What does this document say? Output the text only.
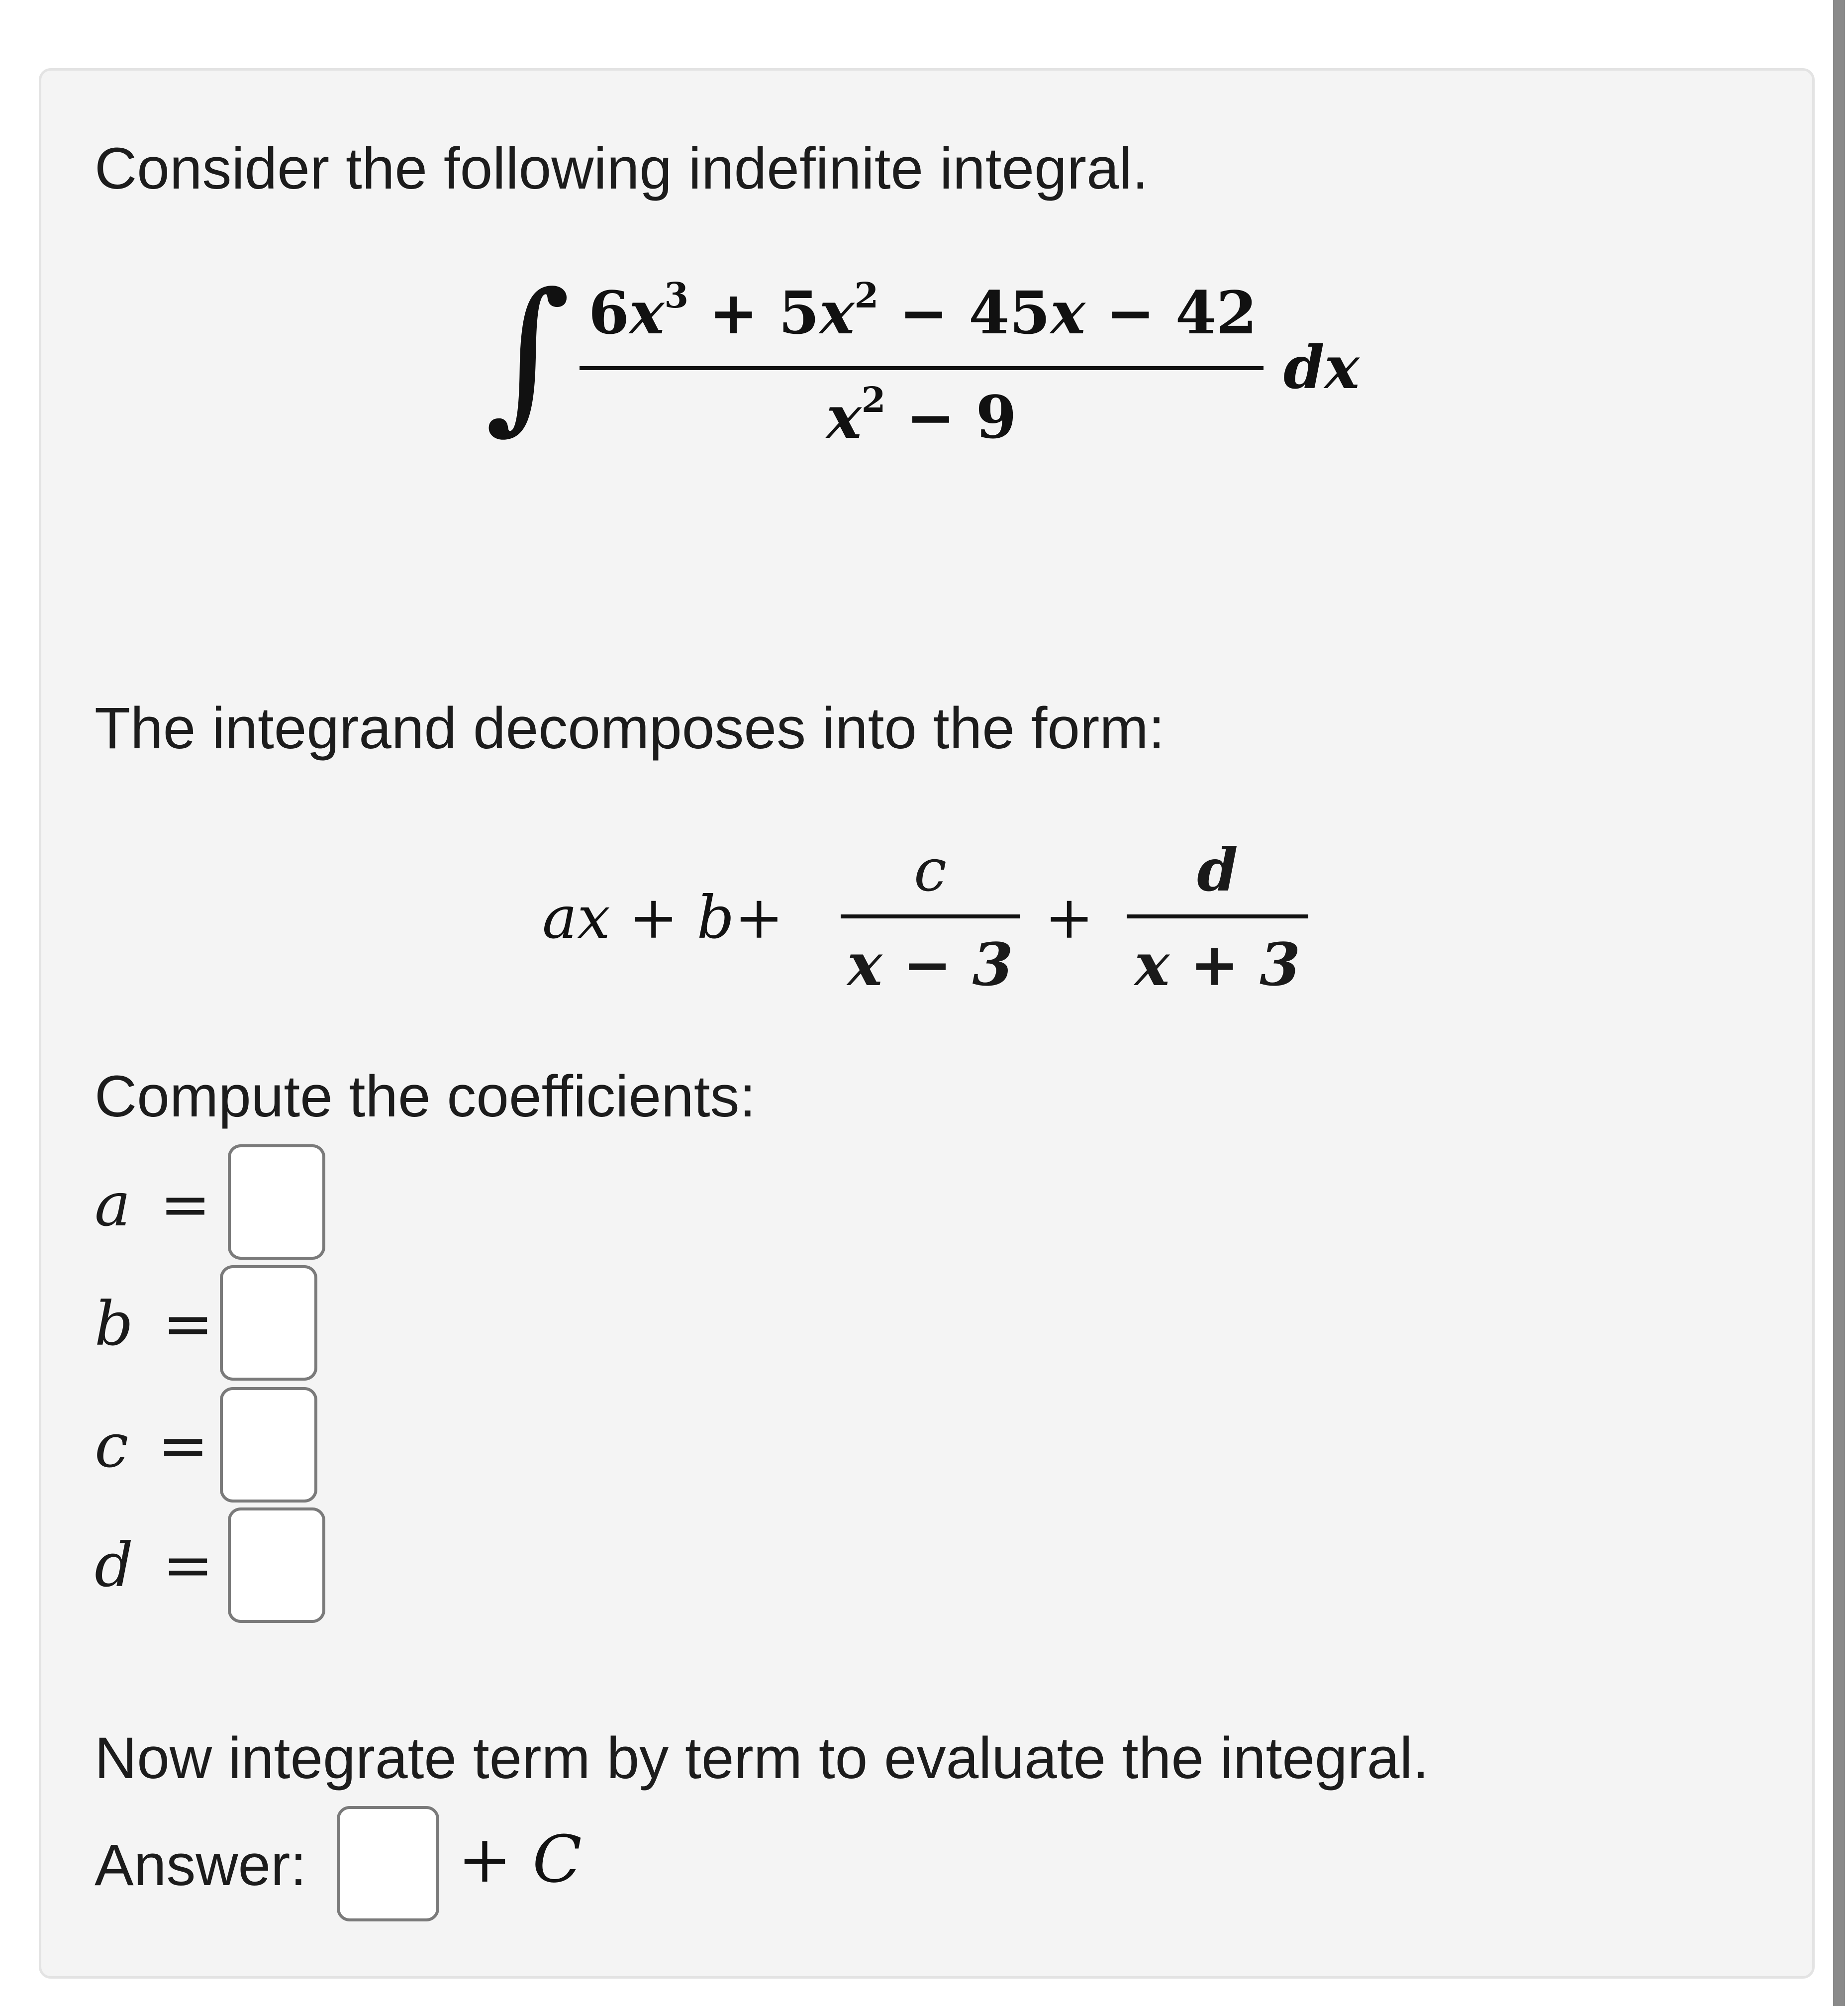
Consider the following indefinite integral.
∫ $6x^3 + 5x^2 - 45x - 42$
$x^2 - 9$
dx
The integrand decomposes into the form:
ax + b+
c
x − 3
+
d
x + 3
Compute the coefficients:
a =
b =
c =
d =
Now integrate term by term to evaluate the integral.
Answer: + C
